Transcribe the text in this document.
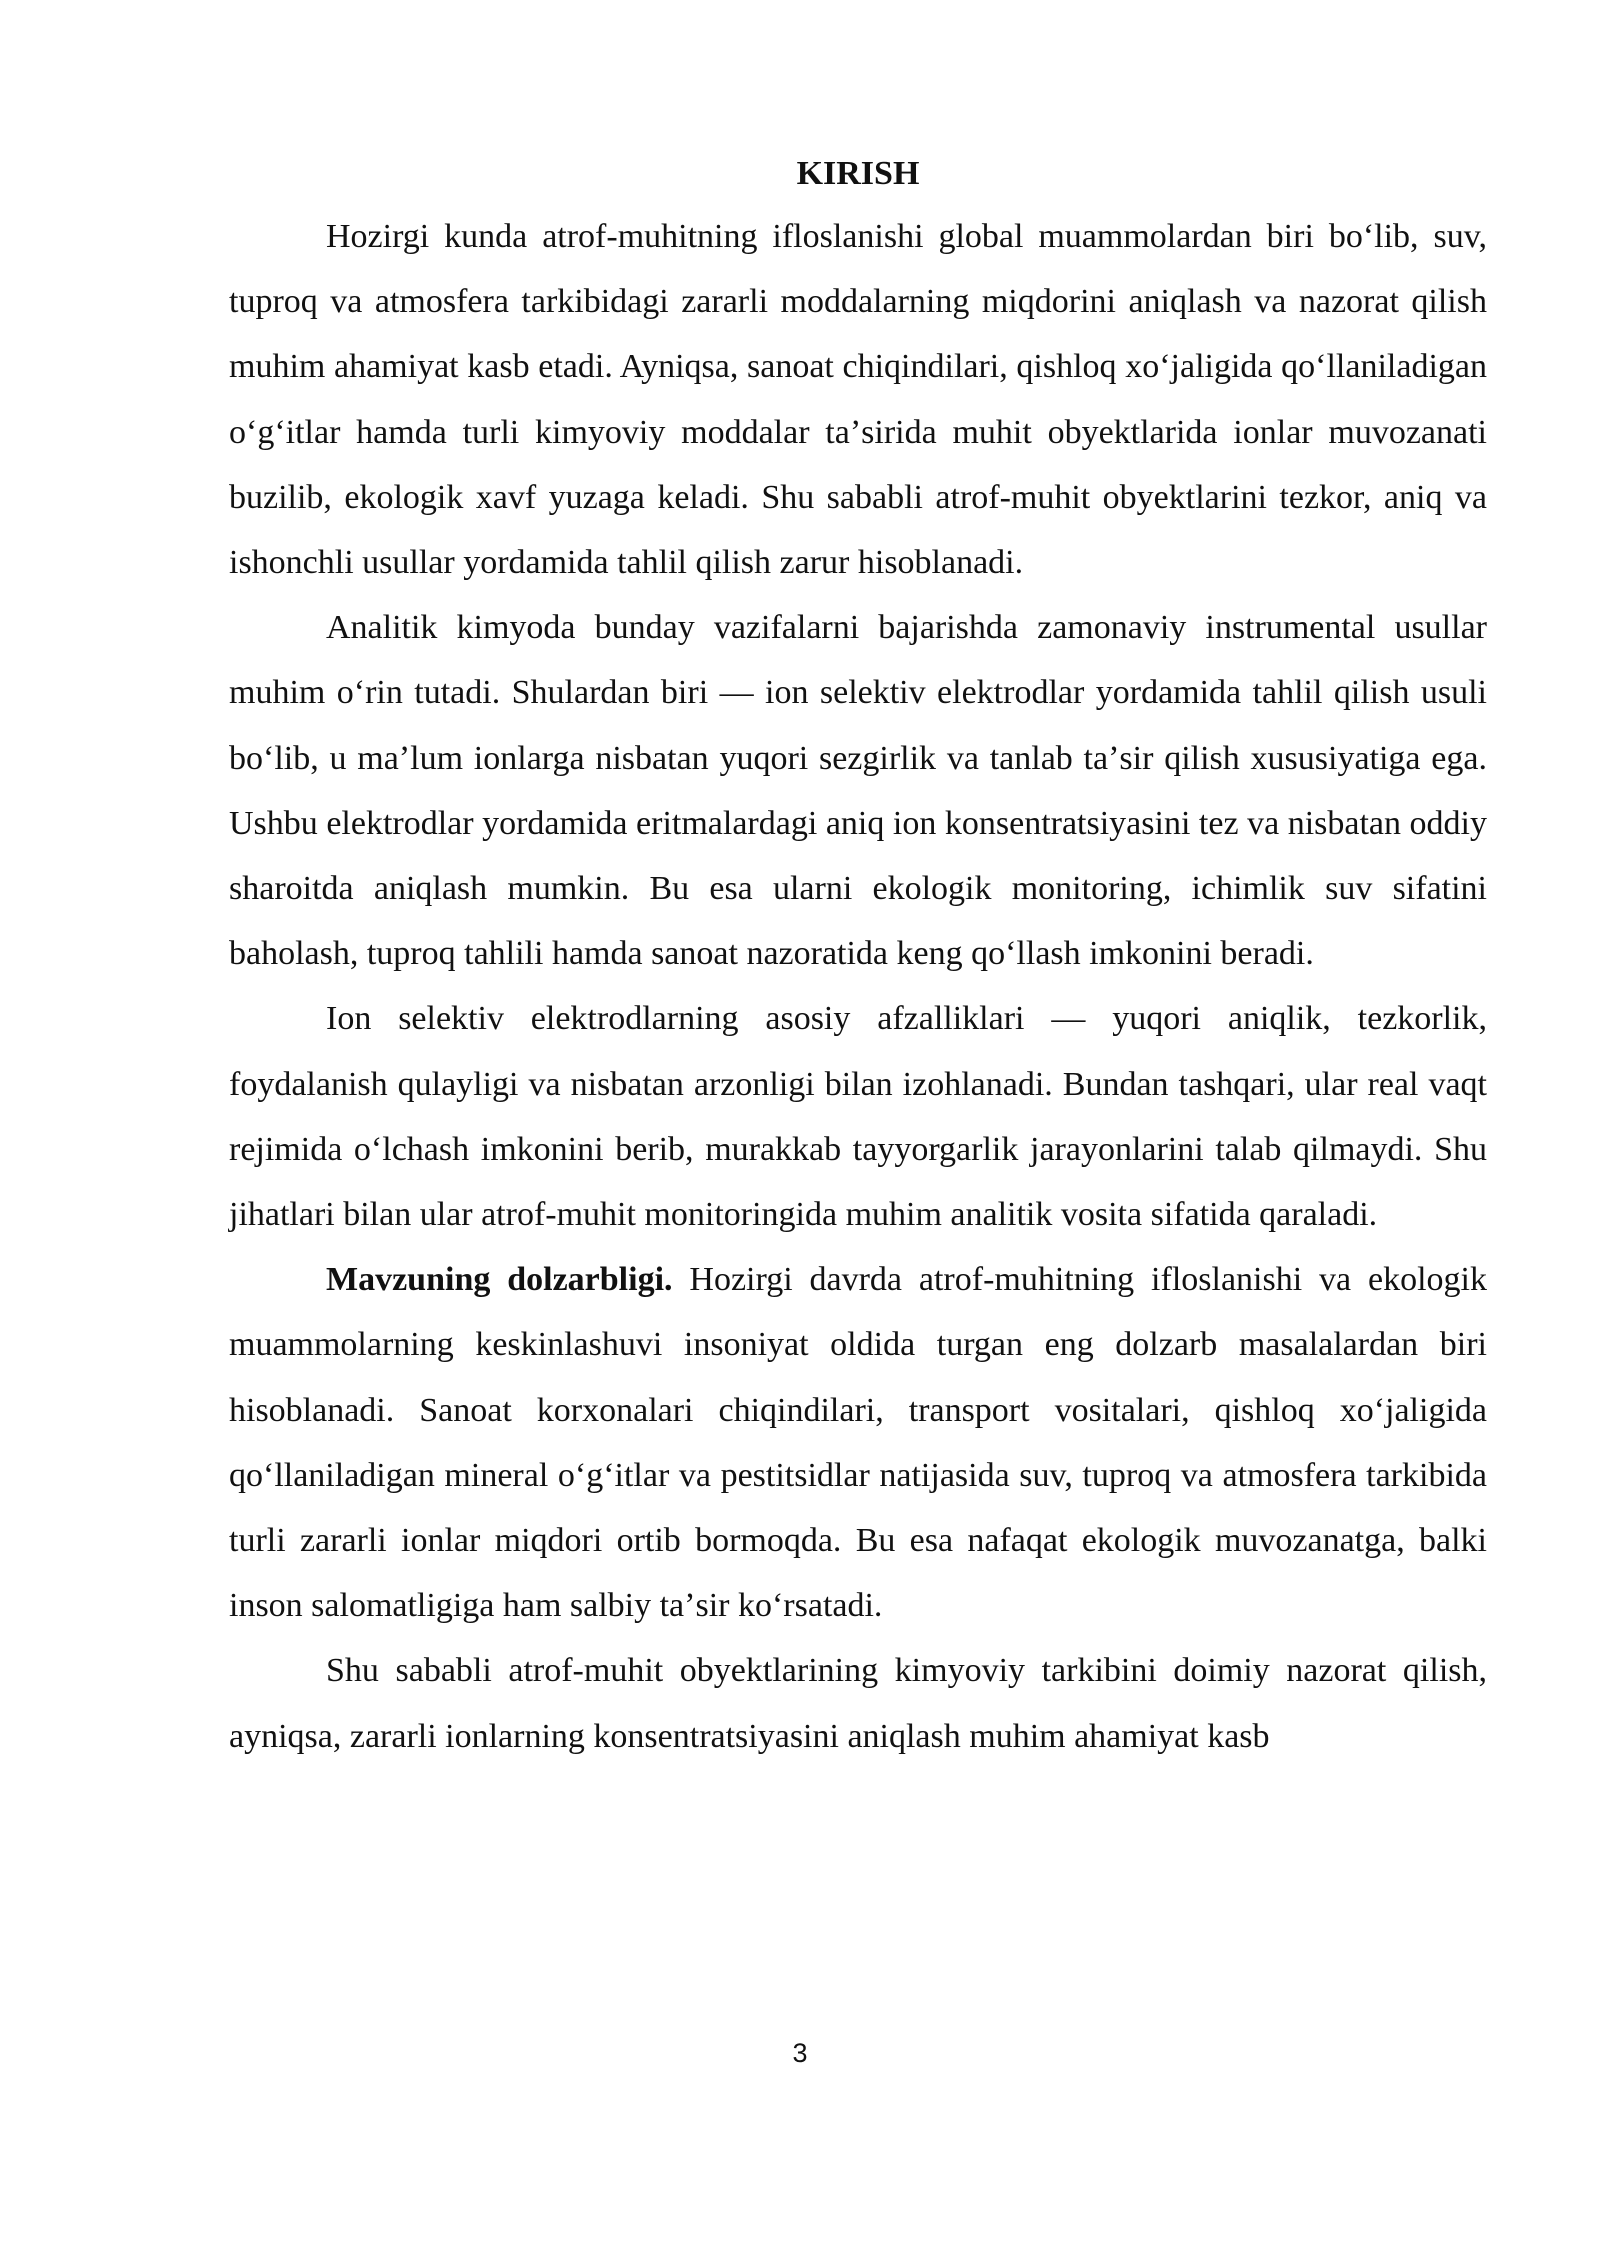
KIRISH

Hozirgi kunda atrof-muhitning ifloslanishi global muammolardan biri boʻlib, suv, tuproq va atmosfera tarkibidagi zararli moddalarning miqdorini aniqlash va nazorat qilish muhim ahamiyat kasb etadi. Ayniqsa, sanoat chiqindilari, qishloq xoʻjaligida qoʻllaniladigan oʻgʻitlar hamda turli kimyoviy moddalar taʼsirida muhit obyektlarida ionlar muvozanati buzilib, ekologik xavf yuzaga keladi. Shu sababli atrof-muhit obyektlarini tezkor, aniq va ishonchli usullar yordamida tahlil qilish zarur hisoblanadi.

Analitik kimyoda bunday vazifalarni bajarishda zamonaviy instrumental usullar muhim oʻrin tutadi. Shulardan biri — ion selektiv elektrodlar yordamida tahlil qilish usuli boʻlib, u maʼlum ionlarga nisbatan yuqori sezgirlik va tanlab taʼsir qilish xususiyatiga ega. Ushbu elektrodlar yordamida eritmalardagi aniq ion konsentratsiyasini tez va nisbatan oddiy sharoitda aniqlash mumkin. Bu esa ularni ekologik monitoring, ichimlik suv sifatini baholash, tuproq tahlili hamda sanoat nazoratida keng qoʻllash imkonini beradi.

Ion selektiv elektrodlarning asosiy afzalliklari — yuqori aniqlik, tezkorlik, foydalanish qulayligi va nisbatan arzonligi bilan izohlanadi. Bundan tashqari, ular real vaqt rejimida oʻlchash imkonini berib, murakkab tayyorgarlik jarayonlarini talab qilmaydi. Shu jihatlari bilan ular atrof-muhit monitoringida muhim analitik vosita sifatida qaraladi.

Mavzuning dolzarbligi. Hozirgi davrda atrof-muhitning ifloslanishi va ekologik muammolarning keskinlashuvi insoniyat oldida turgan eng dolzarb masalalardan biri hisoblanadi. Sanoat korxonalari chiqindilari, transport vositalari, qishloq xoʻjaligida qoʻllaniladigan mineral oʻgʻitlar va pestitsidlar natijasida suv, tuproq va atmosfera tarkibida turli zararli ionlar miqdori ortib bormoqda. Bu esa nafaqat ekologik muvozanatga, balki inson salomatligiga ham salbiy taʼsir koʻrsatadi.

Shu sababli atrof-muhit obyektlarining kimyoviy tarkibini doimiy nazorat qilish, ayniqsa, zararli ionlarning konsentratsiyasini aniqlash muhim ahamiyat kasb

3
